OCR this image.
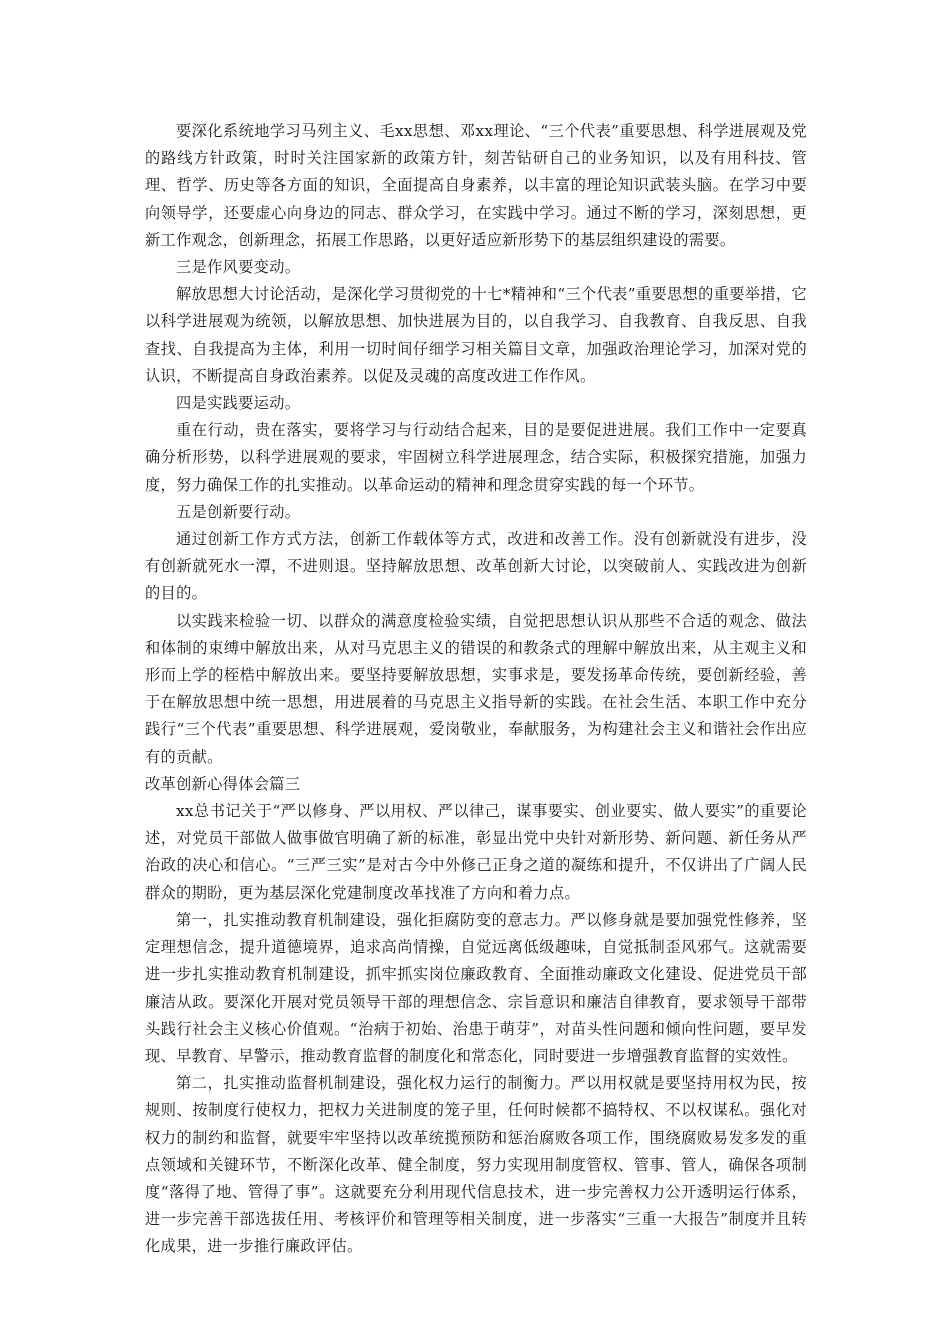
要深化系统地学习马列主义、毛xx思想、邓xx理论、“三个代表”重要思想、科学进展观及党的路线方针政策，时时关注国家新的政策方针，刻苦钻研自己的业务知识，以及有用科技、管理、哲学、历史等各方面的知识，全面提高自身素养，以丰富的理论知识武装头脑。在学习中要向领导学，还要虚心向身边的同志、群众学习，在实践中学习。通过不断的学习，深刻思想，更新工作观念，创新理念，拓展工作思路，以更好适应新形势下的基层组织建设的需要。

三是作风要变动。

解放思想大讨论活动，是深化学习贯彻党的十七*精神和“三个代表”重要思想的重要举措，它以科学进展观为统领，以解放思想、加快进展为目的，以自我学习、自我教育、自我反思、自我查找、自我提高为主体，利用一切时间仔细学习相关篇目文章，加强政治理论学习，加深对党的认识，不断提高自身政治素养。以促及灵魂的高度改进工作作风。

四是实践要运动。

重在行动，贵在落实，要将学习与行动结合起来，目的是要促进进展。我们工作中一定要真确分析形势，以科学进展观的要求，牢固树立科学进展理念，结合实际，积极探究措施，加强力度，努力确保工作的扎实推动。以革命运动的精神和理念贯穿实践的每一个环节。

五是创新要行动。

通过创新工作方式方法，创新工作载体等方式，改进和改善工作。没有创新就没有进步，没有创新就死水一潭，不进则退。坚持解放思想、改革创新大讨论，以突破前人、实践改进为创新的目的。

以实践来检验一切、以群众的满意度检验实绩，自觉把思想认识从那些不合适的观念、做法和体制的束缚中解放出来，从对马克思主义的错误的和教条式的理解中解放出来，从主观主义和形而上学的桎梏中解放出来。要坚持要解放思想，实事求是，要发扬革命传统，要创新经验，善于在解放思想中统一思想，用进展着的马克思主义指导新的实践。在社会生活、本职工作中充分践行“三个代表”重要思想、科学进展观，爱岗敬业，奉献服务，为构建社会主义和谐社会作出应有的贡献。

改革创新心得体会篇三

xx总书记关于“严以修身、严以用权、严以律己，谋事要实、创业要实、做人要实”的重要论述，对党员干部做人做事做官明确了新的标准，彰显出党中央针对新形势、新问题、新任务从严治政的决心和信心。“三严三实”是对古今中外修己正身之道的凝练和提升，不仅讲出了广阔人民群众的期盼，更为基层深化党建制度改革找准了方向和着力点。

第一，扎实推动教育机制建设，强化拒腐防变的意志力。严以修身就是要加强党性修养，坚定理想信念，提升道德境界，追求高尚情操，自觉远离低级趣味，自觉抵制歪风邪气。这就需要进一步扎实推动教育机制建设，抓牢抓实岗位廉政教育、全面推动廉政文化建设、促进党员干部廉洁从政。要深化开展对党员领导干部的理想信念、宗旨意识和廉洁自律教育，要求领导干部带头践行社会主义核心价值观。“治病于初始、治患于萌芽”，对苗头性问题和倾向性问题，要早发现、早教育、早警示，推动教育监督的制度化和常态化，同时要进一步增强教育监督的实效性。

第二，扎实推动监督机制建设，强化权力运行的制衡力。严以用权就是要坚持用权为民，按规则、按制度行使权力，把权力关进制度的笼子里，任何时候都不搞特权、不以权谋私。强化对权力的制约和监督，就要牢牢坚持以改革统揽预防和惩治腐败各项工作，围绕腐败易发多发的重点领域和关键环节，不断深化改革、健全制度，努力实现用制度管权、管事、管人，确保各项制度“落得了地、管得了事”。这就要充分利用现代信息技术，进一步完善权力公开透明运行体系，进一步完善干部选拔任用、考核评价和管理等相关制度，进一步落实“三重一大报告”制度并且转化成果，进一步推行廉政评估。
